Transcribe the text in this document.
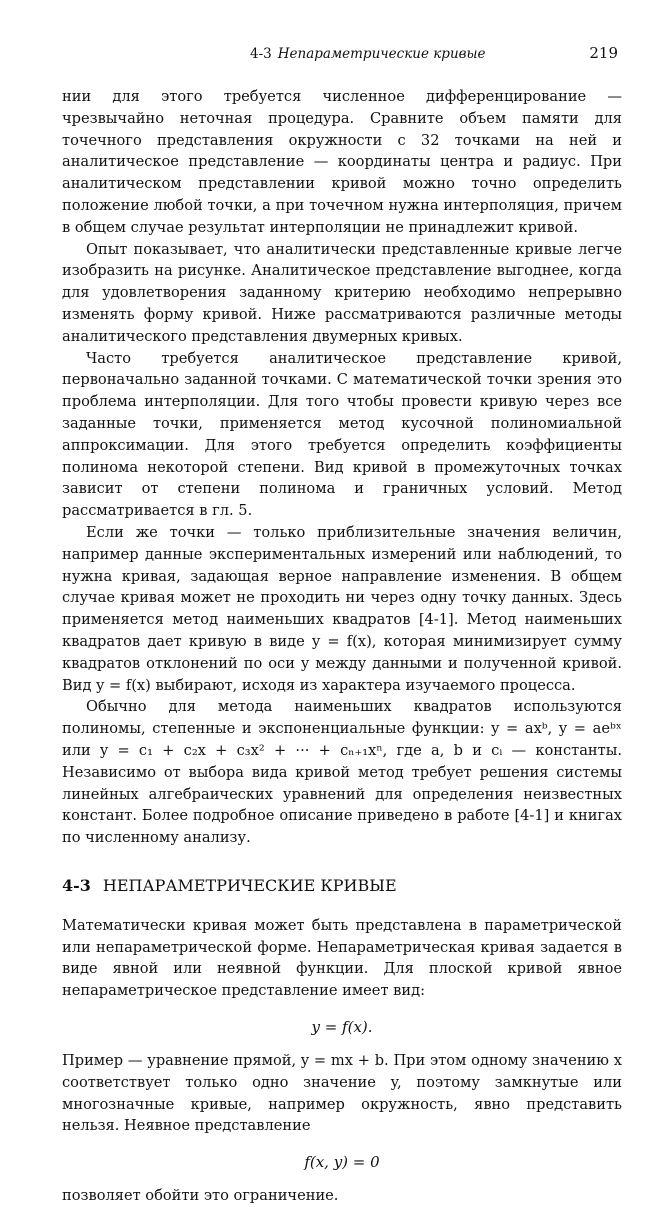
4-3 Непараметрические кривые	219

нии для этого требуется численное дифференцирование — чрезвычайно неточная процедура. Сравните объем памяти для точечного представления окружности с 32 точками на ней и аналитическое представление — координаты центра и радиус. При аналитическом представлении кривой можно точно определить положение любой точки, а при точечном нужна интерполяция, причем в общем случае результат интерполяции не принадлежит кривой.

Опыт показывает, что аналитически представленные кривые легче изобразить на рисунке. Аналитическое представление выгоднее, когда для удовлетворения заданному критерию необходимо непрерывно изменять форму кривой. Ниже рассматриваются различные методы аналитического представления двумерных кривых.

Часто требуется аналитическое представление кривой, первоначально заданной точками. С математической точки зрения это проблема интерполяции. Для того чтобы провести кривую через все заданные точки, применяется метод кусочной полиномиальной аппроксимации. Для этого требуется определить коэффициенты полинома некоторой степени. Вид кривой в промежуточных точках зависит от степени полинома и граничных условий. Метод рассматривается в гл. 5.

Если же точки — только приблизительные значения величин, например данные экспериментальных измерений или наблюдений, то нужна кривая, задающая верное направление изменения. В общем случае кривая может не проходить ни через одну точку данных. Здесь применяется метод наименьших квадратов [4-1]. Метод наименьших квадратов дает кривую в виде y = f(x), которая минимизирует сумму квадратов отклонений по оси y между данными и полученной кривой. Вид y = f(x) выбирают, исходя из характера изучаемого процесса.

Обычно для метода наименьших квадратов используются полиномы, степенные и экспоненциальные функции: y = axᵇ, y = aeᵇˣ или y = c₁ + c₂x + c₃x² + ··· + cₙ₊₁xⁿ, где a, b и cᵢ — константы. Независимо от выбора вида кривой метод требует решения системы линейных алгебраических уравнений для определения неизвестных констант. Более подробное описание приведено в работе [4-1] и книгах по численному анализу.

4-3 НЕПАРАМЕТРИЧЕСКИЕ КРИВЫЕ

Математически кривая может быть представлена в параметрической или непараметрической форме. Непараметрическая кривая задается в виде явной или неявной функции. Для плоской кривой явное непараметрическое представление имеет вид:

y = f(x).

Пример — уравнение прямой, y = mx + b. При этом одному значению x соответствует только одно значение y, поэтому замкнутые или многозначные кривые, например окружность, явно представить нельзя. Неявное представление

f(x, y) = 0

позволяет обойти это ограничение.
